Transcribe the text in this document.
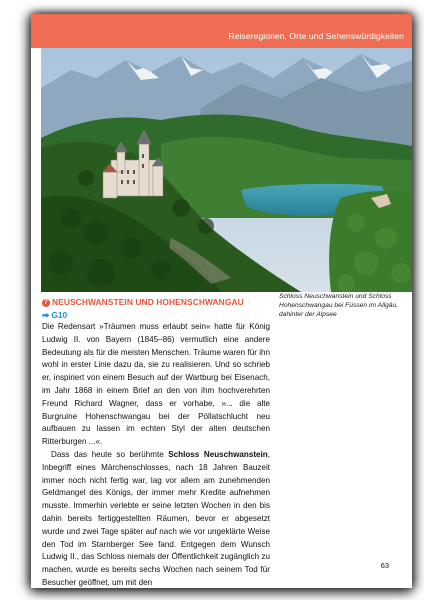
Reiseregionen, Orte und Sehenswürdigkeiten
7 NEUSCHWANSTEIN UND HOHENSCHWANGAU
➡ G10
Schloss Neuschwanstein und Schloss Hohenschwangau bei Füssen im Allgäu, dahinter der Alpsee

Die Redensart »Träumen muss erlaubt sein« hatte für König Ludwig II. von Bayern (1845–86) vermutlich eine andere Bedeutung als für die meisten Menschen. Träume waren für ihn wohl in erster Linie dazu da, sie zu realisieren. Und so schrieb er, inspiriert von einem Besuch auf der Wartburg bei Eisenach, im Jahr 1868 in einem Brief an den von ihm hochverehrten Freund Richard Wagner, dass er vorhabe, »... die alte Burgruine Hohenschwangau bei der Pöllatschlucht neu aufbauen zu lassen im echten Styl der alten deutschen Ritterburgen ...«.

Dass das heute so berühmte Schloss Neuschwanstein, Inbegriff eines Märchenschlosses, nach 18 Jahren Bauzeit immer noch nicht fertig war, lag vor allem am zunehmenden Geldmangel des Königs, der immer mehr Kredite aufnehmen musste. Immerhin verlebte er seine letzten Wochen in den bis dahin bereits fertiggestellten Räumen, bevor er abgesetzt wurde und zwei Tage später auf nach wie vor ungeklärte Weise den Tod im Starnberger See fand. Entgegen dem Wunsch Ludwig II., das Schloss niemals der Öffentlichkeit zugänglich zu machen, wurde es bereits sechs Wochen nach seinem Tod für Besucher geöffnet, um mit den

63
